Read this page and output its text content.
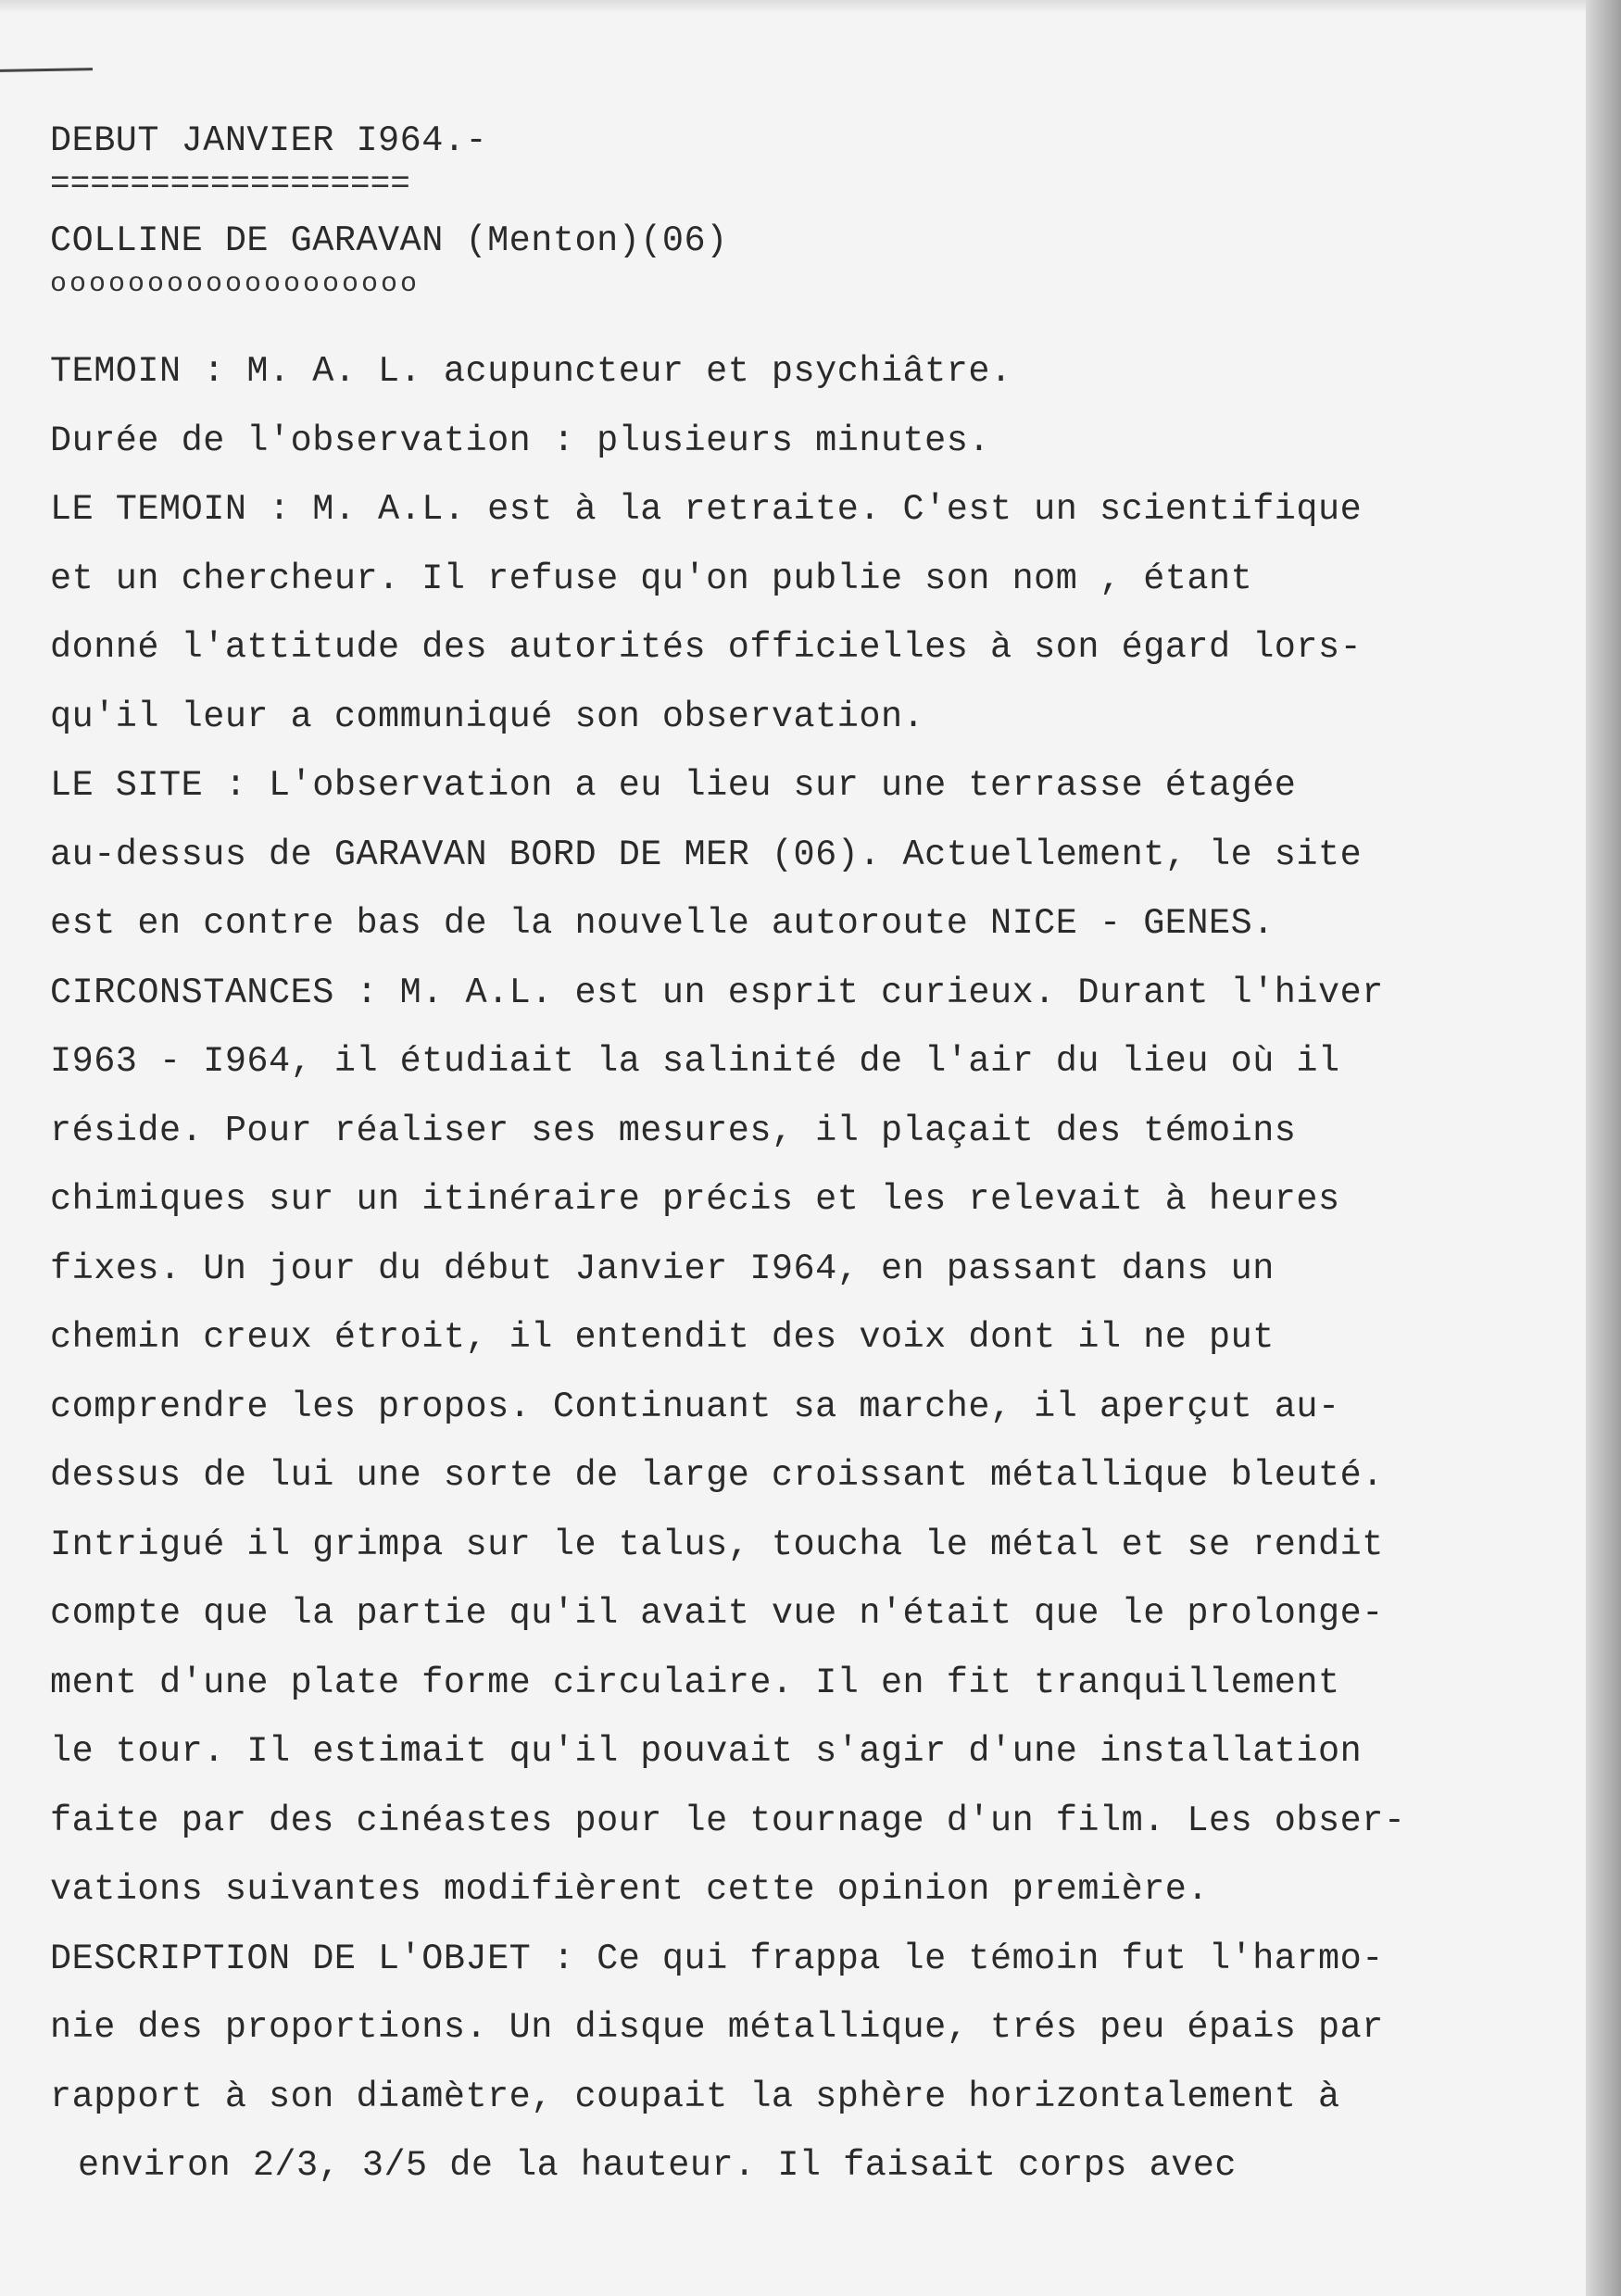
DEBUT JANVIER I964.-
==================
COLLINE DE GARAVAN (Menton)(06)
ooooooooooooooooooo
TEMOIN : M. A. L. acupuncteur et psychiâtre.
Durée de l'observation : plusieurs minutes.
LE TEMOIN : M. A.L. est à la retraite. C'est un scientifique
et un chercheur. Il refuse qu'on publie son nom , étant
donné l'attitude des autorités officielles à son égard lors-
qu'il leur a communiqué son observation.
LE SITE : L'observation a eu lieu sur une terrasse étagée
au-dessus de GARAVAN BORD DE MER (06). Actuellement, le site
est en contre bas de la nouvelle autoroute NICE - GENES.
CIRCONSTANCES : M. A.L. est un esprit curieux. Durant l'hiver
I963 - I964, il étudiait la salinité de l'air du lieu où il
réside. Pour réaliser ses mesures, il plaçait des témoins
chimiques sur un itinéraire précis et les relevait à heures
fixes. Un jour du début Janvier I964, en passant dans un
chemin creux étroit, il entendit des voix dont il ne put
comprendre les propos. Continuant sa marche, il aperçut au-
dessus de lui une sorte de large croissant métallique bleuté.
Intrigué il grimpa sur le talus, toucha le métal et se rendit
compte que la partie qu'il avait vue n'était que le prolonge-
ment d'une plate forme circulaire. Il en fit tranquillement
le tour. Il estimait qu'il pouvait s'agir d'une installation
faite par des cinéastes pour le tournage d'un film. Les obser-
vations suivantes modifièrent cette opinion première.
DESCRIPTION DE L'OBJET : Ce qui frappa le témoin fut l'harmo-
nie des proportions. Un disque métallique, trés peu épais par
rapport à son diamètre, coupait la sphère horizontalement à
environ 2/3, 3/5 de la hauteur. Il faisait corps avec
